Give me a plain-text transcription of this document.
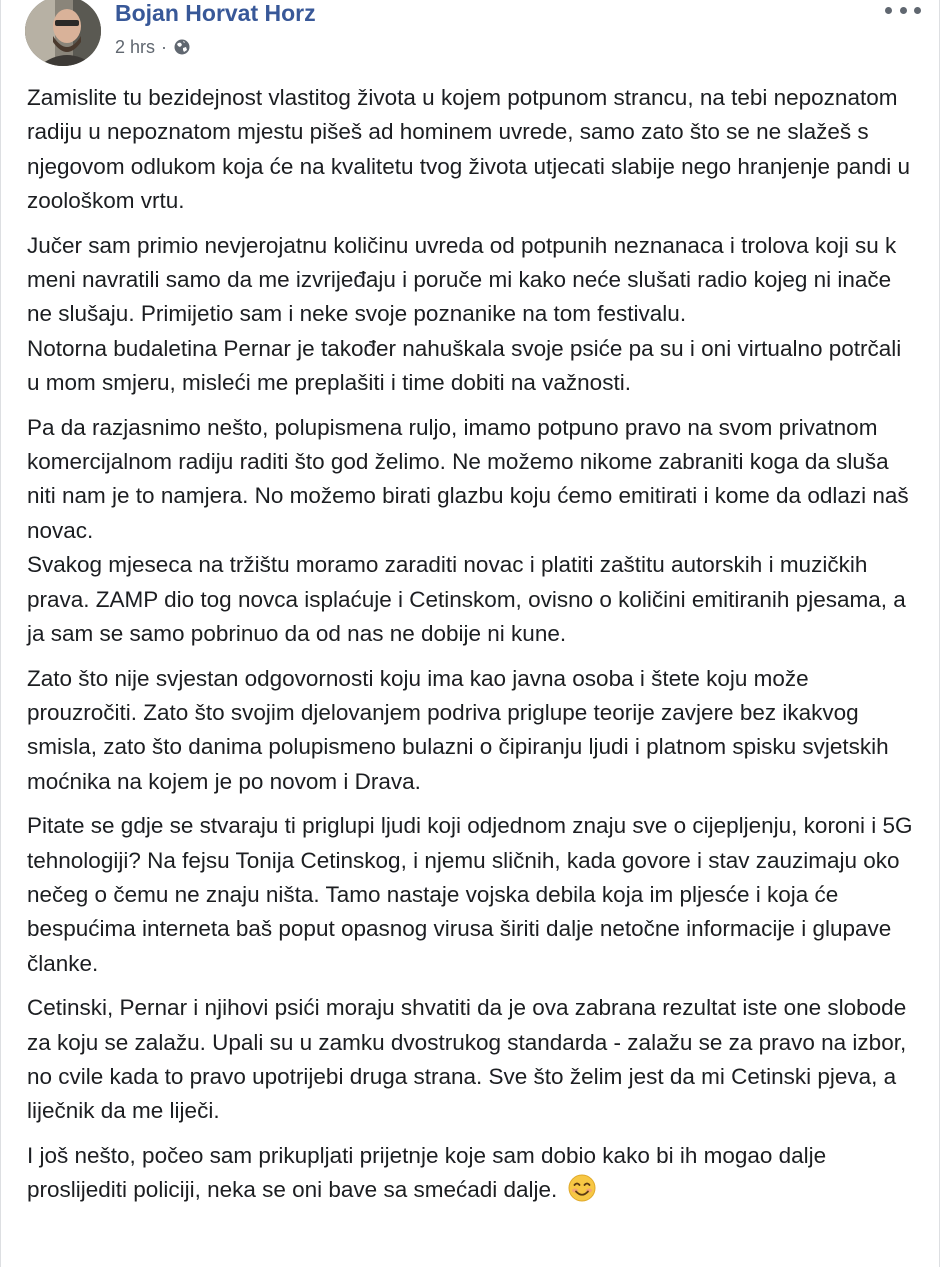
Bojan Horvat Horz
2 hrs ·

Zamislite tu bezidejnost vlastitog života u kojem potpunom strancu, na tebi nepoznatom radiju u nepoznatom mjestu pišeš ad hominem uvrede, samo zato što se ne slažeš s njegovom odlukom koja će na kvalitetu tvog života utjecati slabije nego hranjenje pandi u zoološkom vrtu.

Jučer sam primio nevjerojatnu količinu uvreda od potpunih neznanaca i trolova koji su k meni navratili samo da me izvrijeđaju i poruče mi kako neće slušati radio kojeg ni inače ne slušaju. Primijetio sam i neke svoje poznanike na tom festivalu.
Notorna budaletina Pernar je također nahuškala svoje psiće pa su i oni virtualno potrčali u mom smjeru, misleći me preplašiti i time dobiti na važnosti.

Pa da razjasnimo nešto, polupismena ruljo, imamo potpuno pravo na svom privatnom komercijalnom radiju raditi što god želimo. Ne možemo nikome zabraniti koga da sluša niti nam je to namjera. No možemo birati glazbu koju ćemo emitirati i kome da odlazi naš novac.
Svakog mjeseca na tržištu moramo zaraditi novac i platiti zaštitu autorskih i muzičkih prava. ZAMP dio tog novca isplaćuje i Cetinskom, ovisno o količini emitiranih pjesama, a ja sam se samo pobrinuo da od nas ne dobije ni kune.

Zato što nije svjestan odgovornosti koju ima kao javna osoba i štete koju može prouzročiti. Zato što svojim djelovanjem podriva priglupe teorije zavjere bez ikakvog smisla, zato što danima polupismeno bulazni o čipiranju ljudi i platnom spisku svjetskih moćnika na kojem je po novom i Drava.

Pitate se gdje se stvaraju ti priglupi ljudi koji odjednom znaju sve o cijepljenju, koroni i 5G tehnologiji? Na fejsu Tonija Cetinskog, i njemu sličnih, kada govore i stav zauzimaju oko nečeg o čemu ne znaju ništa. Tamo nastaje vojska debila koja im pljesće i koja će bespućima interneta baš poput opasnog virusa širiti dalje netočne informacije i glupave članke.

Cetinski, Pernar i njihovi psići moraju shvatiti da je ova zabrana rezultat iste one slobode za koju se zalažu. Upali su u zamku dvostrukog standarda - zalažu se za pravo na izbor, no cvile kada to pravo upotrijebi druga strana. Sve što želim jest da mi Cetinski pjeva, a liječnik da me liječi.

I još nešto, počeo sam prikupljati prijetnje koje sam dobio kako bi ih mogao dalje proslijediti policiji, neka se oni bave sa smećadi dalje.
